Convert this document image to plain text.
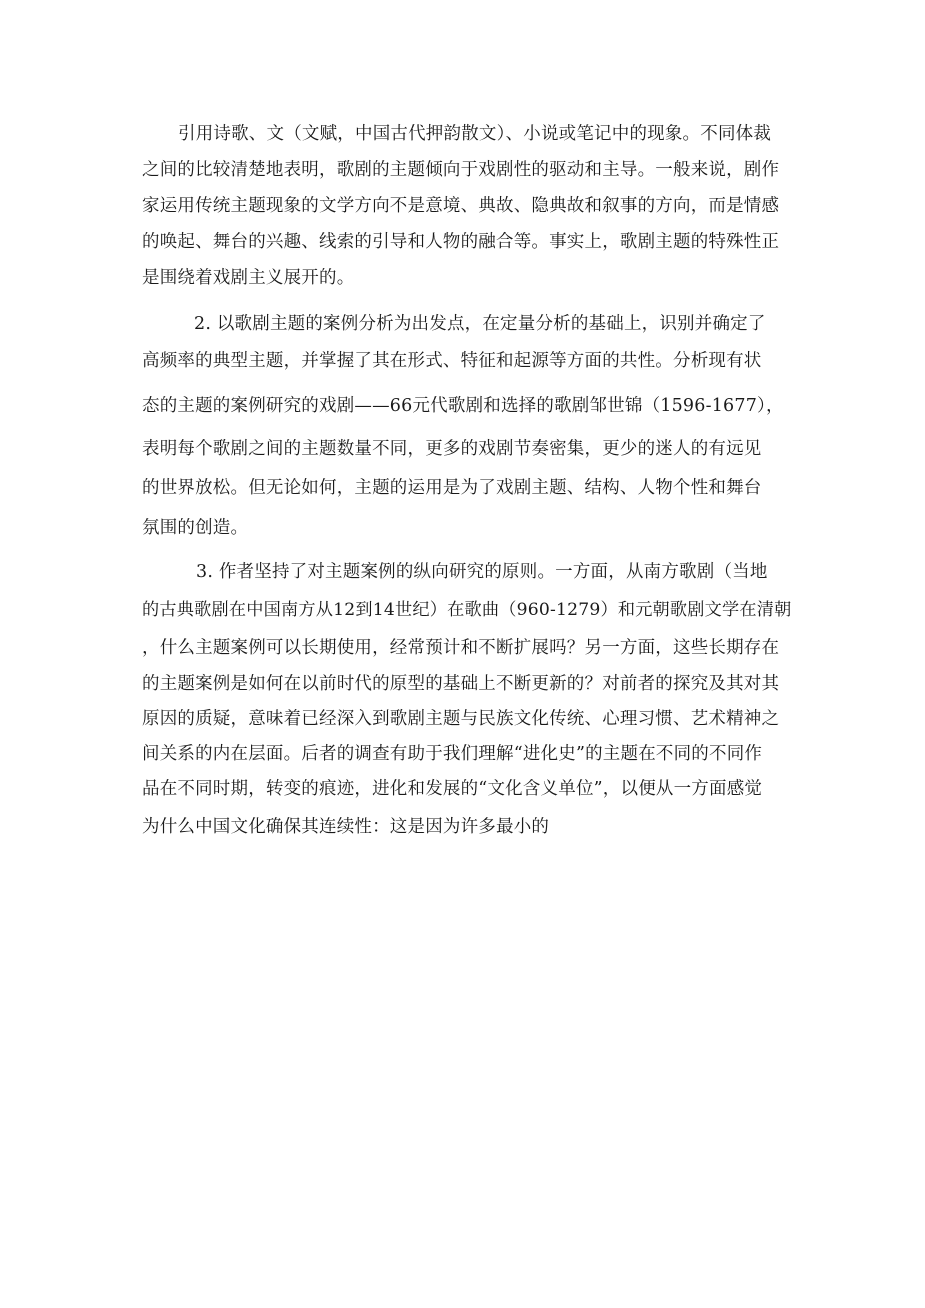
引用诗歌、文（文赋，中国古代押韵散文）、小说或笔记中的现象。不同体裁
之间的比较清楚地表明，歌剧的主题倾向于戏剧性的驱动和主导。一般来说，剧作
家运用传统主题现象的文学方向不是意境、典故、隐典故和叙事的方向，而是情感
的唤起、舞台的兴趣、线索的引导和人物的融合等。事实上，歌剧主题的特殊性正
是围绕着戏剧主义展开的。
2. 以歌剧主题的案例分析为出发点，在定量分析的基础上，识别并确定了
高频率的典型主题，并掌握了其在形式、特征和起源等方面的共性。分析现有状
态的主题的案例研究的戏剧——66元代歌剧和选择的歌剧邹世锦（1596-1677），
表明每个歌剧之间的主题数量不同，更多的戏剧节奏密集，更少的迷人的有远见
的世界放松。但无论如何，主题的运用是为了戏剧主题、结构、人物个性和舞台
氛围的创造。
3. 作者坚持了对主题案例的纵向研究的原则。一方面，从南方歌剧（当地
的古典歌剧在中国南方从12到14世纪）在歌曲（960-1279）和元朝歌剧文学在清朝
，什么主题案例可以长期使用，经常预计和不断扩展吗？另一方面，这些长期存在
的主题案例是如何在以前时代的原型的基础上不断更新的？对前者的探究及其对其
原因的质疑，意味着已经深入到歌剧主题与民族文化传统、心理习惯、艺术精神之
间关系的内在层面。后者的调查有助于我们理解“进化史”的主题在不同的不同作
品在不同时期，转变的痕迹，进化和发展的“文化含义单位”，以便从一方面感觉
为什么中国文化确保其连续性：这是因为许多最小的
